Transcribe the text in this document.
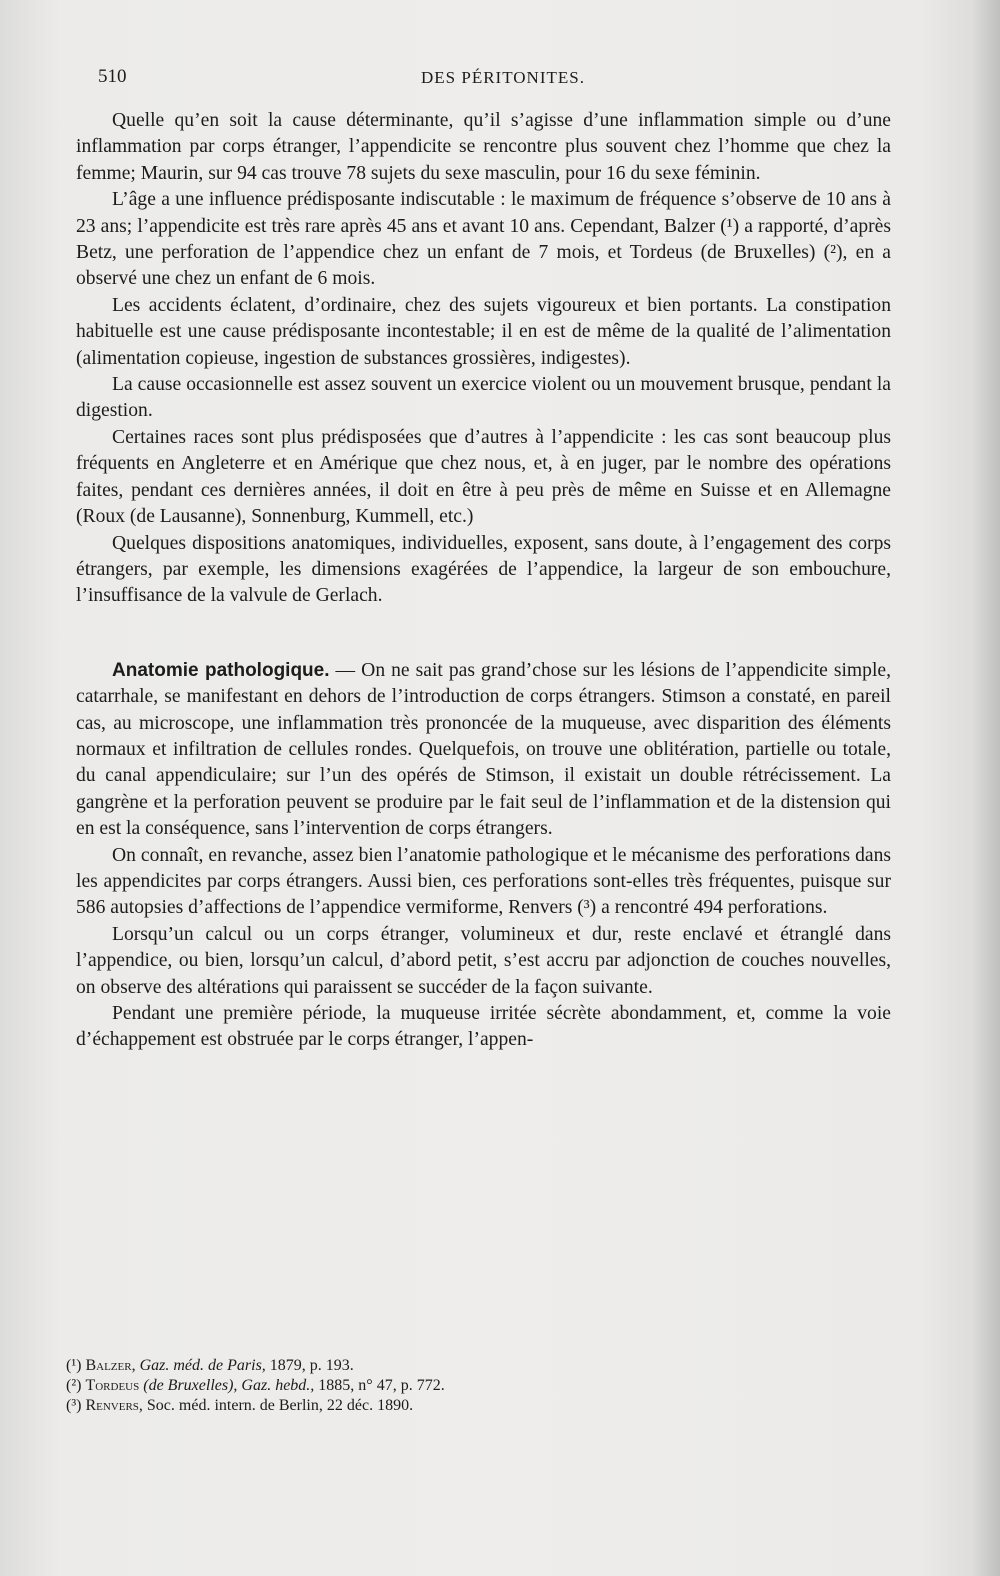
510	DES PÉRITONITES.

Quelle qu’en soit la cause déterminante, qu’il s’agisse d’une inflammation simple ou d’une inflammation par corps étranger, l’appendicite se rencontre plus souvent chez l’homme que chez la femme; Maurin, sur 94 cas trouve 78 sujets du sexe masculin, pour 16 du sexe féminin.

L’âge a une influence prédisposante indiscutable : le maximum de fréquence s’observe de 10 ans à 23 ans; l’appendicite est très rare après 45 ans et avant 10 ans. Cependant, Balzer (¹) a rapporté, d’après Betz, une perforation de l’appendice chez un enfant de 7 mois, et Tordeus (de Bruxelles) (²), en a observé une chez un enfant de 6 mois.

Les accidents éclatent, d’ordinaire, chez des sujets vigoureux et bien portants. La constipation habituelle est une cause prédisposante incontestable; il en est de même de la qualité de l’alimentation (alimentation copieuse, ingestion de substances grossières, indigestes).

La cause occasionnelle est assez souvent un exercice violent ou un mouvement brusque, pendant la digestion.

Certaines races sont plus prédisposées que d’autres à l’appendicite : les cas sont beaucoup plus fréquents en Angleterre et en Amérique que chez nous, et, à en juger, par le nombre des opérations faites, pendant ces dernières années, il doit en être à peu près de même en Suisse et en Allemagne (Roux (de Lausanne), Sonnenburg, Kummell, etc.)

Quelques dispositions anatomiques, individuelles, exposent, sans doute, à l’engagement des corps étrangers, par exemple, les dimensions exagérées de l’appendice, la largeur de son embouchure, l’insuffisance de la valvule de Gerlach.

Anatomie pathologique. — On ne sait pas grand’chose sur les lésions de l’appendicite simple, catarrhale, se manifestant en dehors de l’introduction de corps étrangers. Stimson a constaté, en pareil cas, au microscope, une inflammation très prononcée de la muqueuse, avec disparition des éléments normaux et infiltration de cellules rondes. Quelquefois, on trouve une oblitération, partielle ou totale, du canal appendiculaire; sur l’un des opérés de Stimson, il existait un double rétrécissement. La gangrène et la perforation peuvent se produire par le fait seul de l’inflammation et de la distension qui en est la conséquence, sans l’intervention de corps étrangers.

On connaît, en revanche, assez bien l’anatomie pathologique et le mécanisme des perforations dans les appendicites par corps étrangers. Aussi bien, ces perforations sont-elles très fréquentes, puisque sur 586 autopsies d’affections de l’appendice vermiforme, Renvers (³) a rencontré 494 perforations.

Lorsqu’un calcul ou un corps étranger, volumineux et dur, reste enclavé et étranglé dans l’appendice, ou bien, lorsqu’un calcul, d’abord petit, s’est accru par adjonction de couches nouvelles, on observe des altérations qui paraissent se succéder de la façon suivante.

Pendant une première période, la muqueuse irritée sécrète abondamment, et, comme la voie d’échappement est obstruée par le corps étranger, l’appen-

(¹) Balzer, Gaz. méd. de Paris, 1879, p. 193.
(²) Tordeus (de Bruxelles), Gaz. hebd., 1885, n° 47, p. 772.
(³) Renvers, Soc. méd. intern. de Berlin, 22 déc. 1890.
